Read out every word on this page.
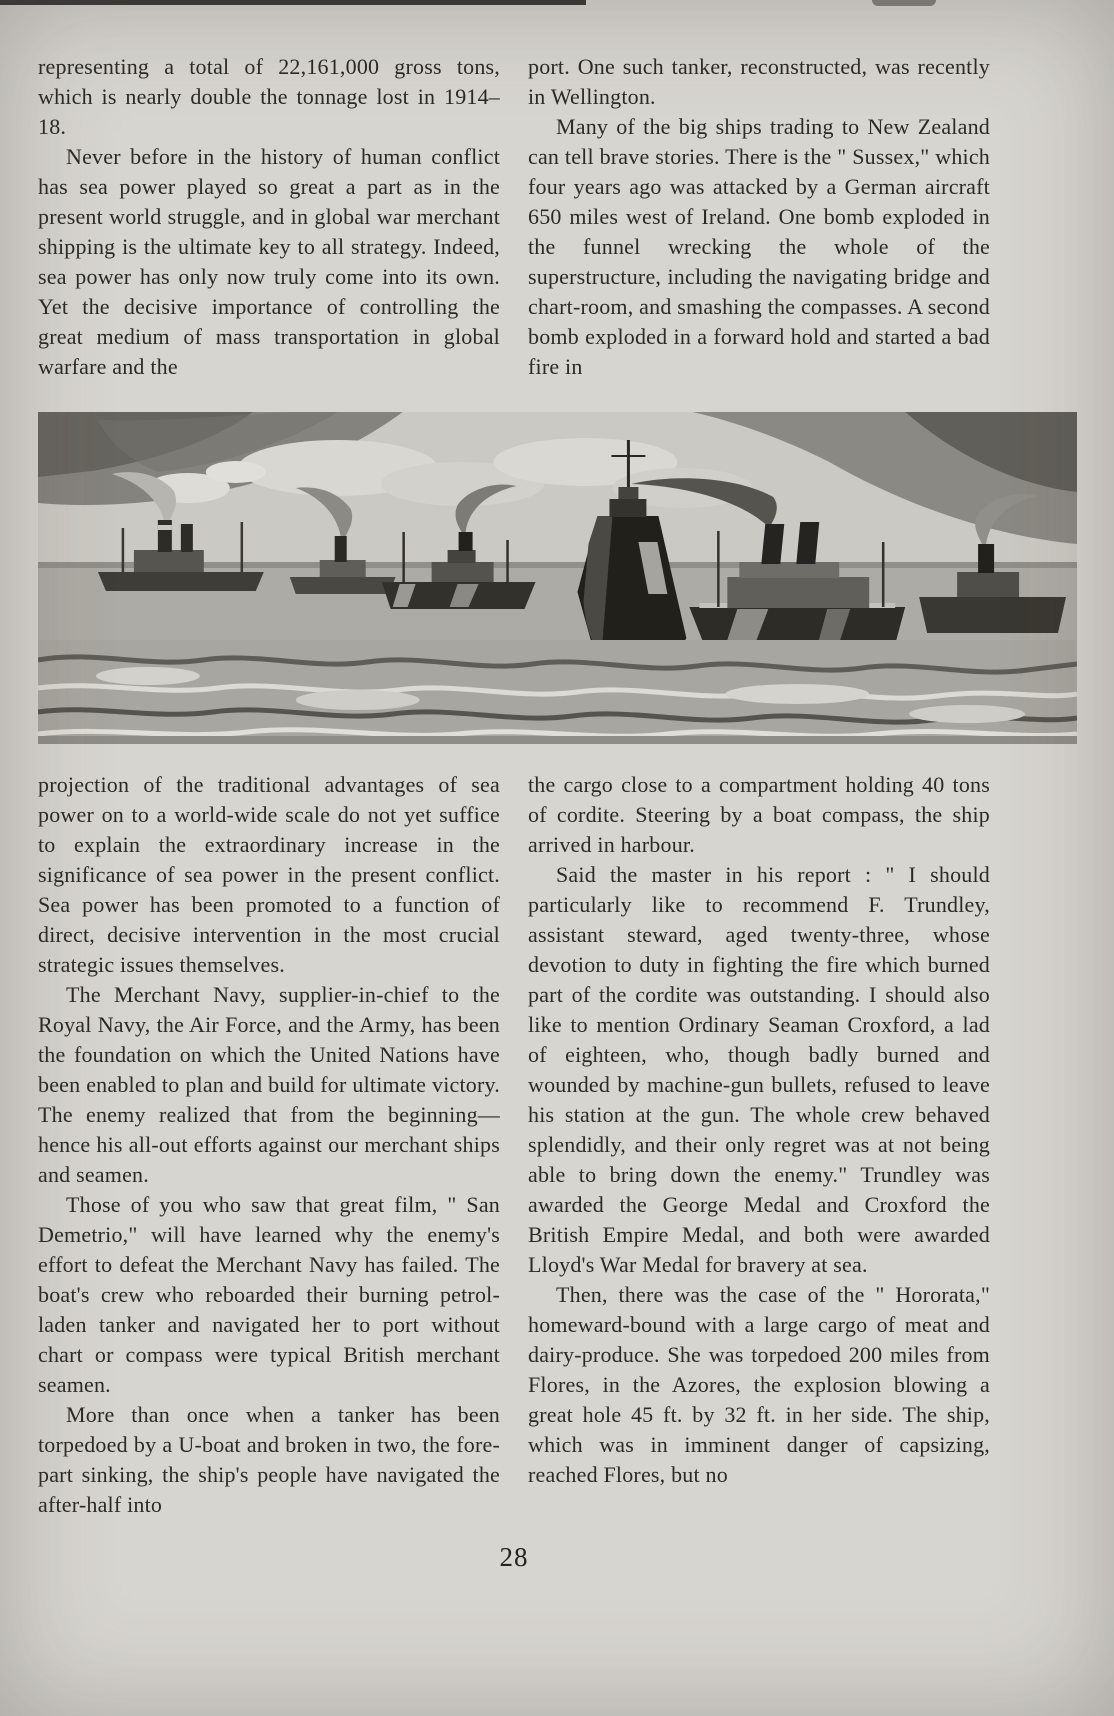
representing a total of 22,161,000 gross tons, which is nearly double the tonnage lost in 1914–18.

Never before in the history of human conflict has sea power played so great a part as in the present world struggle, and in global war merchant shipping is the ultimate key to all strategy. Indeed, sea power has only now truly come into its own. Yet the decisive importance of controlling the great medium of mass transportation in global warfare and the

port. One such tanker, reconstructed, was recently in Wellington.

Many of the big ships trading to New Zealand can tell brave stories. There is the " Sussex," which four years ago was attacked by a German aircraft 650 miles west of Ireland. One bomb exploded in the funnel wrecking the whole of the superstructure, including the navigating bridge and chart-room, and smashing the compasses. A second bomb exploded in a forward hold and started a bad fire in

projection of the traditional advantages of sea power on to a world-wide scale do not yet suffice to explain the extraordinary increase in the significance of sea power in the present conflict. Sea power has been promoted to a function of direct, decisive intervention in the most crucial strategic issues themselves.

The Merchant Navy, supplier-in-chief to the Royal Navy, the Air Force, and the Army, has been the foundation on which the United Nations have been enabled to plan and build for ultimate victory. The enemy realized that from the beginning—hence his all-out efforts against our merchant ships and seamen.

Those of you who saw that great film, " San Demetrio," will have learned why the enemy's effort to defeat the Merchant Navy has failed. The boat's crew who reboarded their burning petrol-laden tanker and navigated her to port without chart or compass were typical British merchant seamen.

More than once when a tanker has been torpedoed by a U-boat and broken in two, the fore-part sinking, the ship's people have navigated the after-half into

the cargo close to a compartment holding 40 tons of cordite. Steering by a boat compass, the ship arrived in harbour.

Said the master in his report : " I should particularly like to recommend F. Trundley, assistant steward, aged twenty-three, whose devotion to duty in fighting the fire which burned part of the cordite was outstanding. I should also like to mention Ordinary Seaman Croxford, a lad of eighteen, who, though badly burned and wounded by machine-gun bullets, refused to leave his station at the gun. The whole crew behaved splendidly, and their only regret was at not being able to bring down the enemy." Trundley was awarded the George Medal and Croxford the British Empire Medal, and both were awarded Lloyd's War Medal for bravery at sea.

Then, there was the case of the " Hororata," homeward-bound with a large cargo of meat and dairy-produce. She was torpedoed 200 miles from Flores, in the Azores, the explosion blowing a great hole 45 ft. by 32 ft. in her side. The ship, which was in imminent danger of capsizing, reached Flores, but no

28
